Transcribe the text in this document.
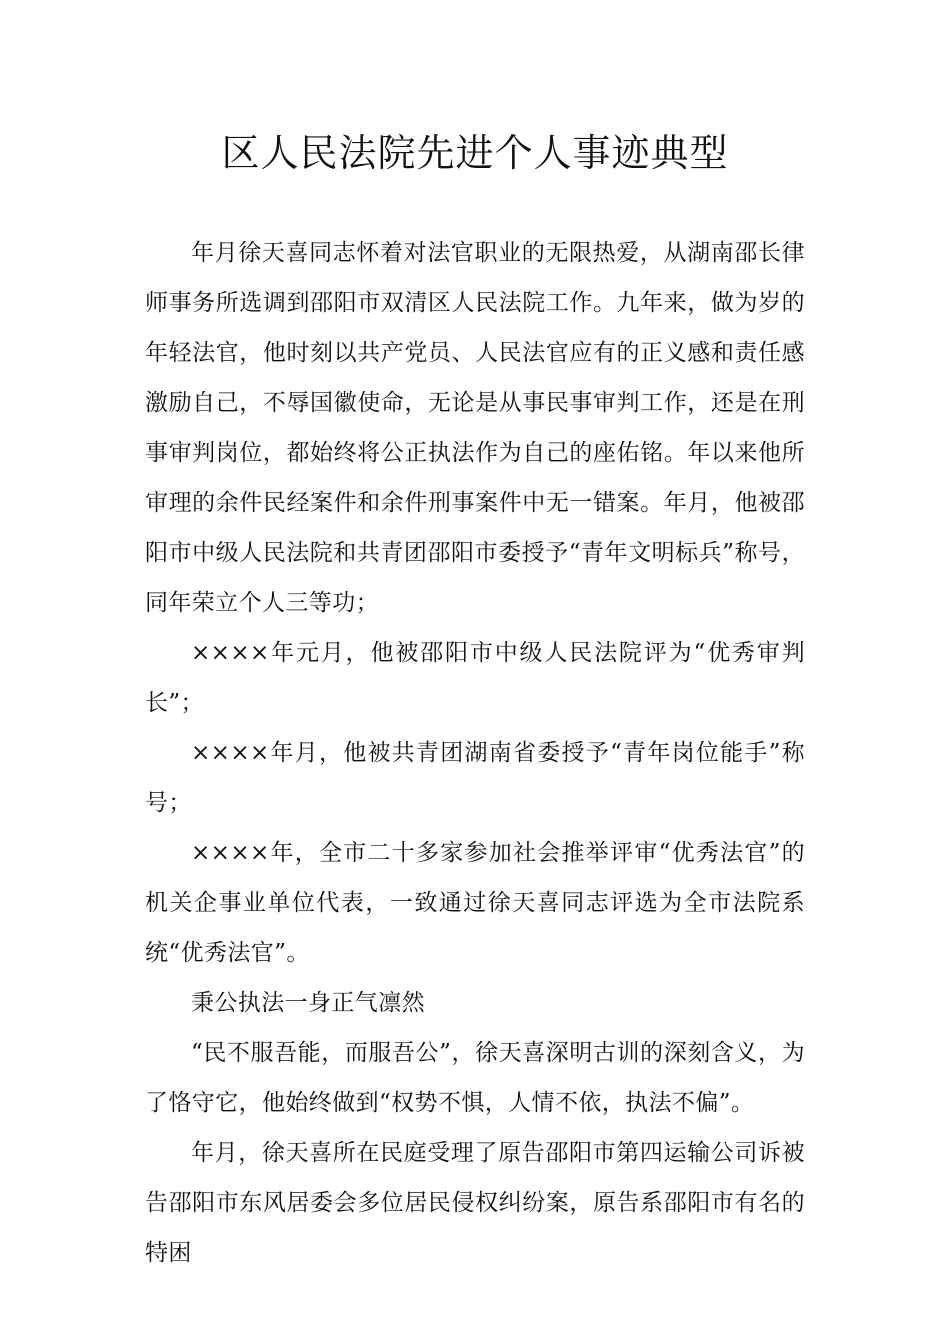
区人民法院先进个人事迹典型

年月徐天喜同志怀着对法官职业的无限热爱，从湖南邵长律师事务所选调到邵阳市双清区人民法院工作。九年来，做为岁的年轻法官，他时刻以共产党员、人民法官应有的正义感和责任感激励自己，不辱国徽使命，无论是从事民事审判工作，还是在刑事审判岗位，都始终将公正执法作为自己的座佑铭。年以来他所审理的余件民经案件和余件刑事案件中无一错案。年月，他被邵阳市中级人民法院和共青团邵阳市委授予“青年文明标兵”称号，同年荣立个人三等功；

××××年元月，他被邵阳市中级人民法院评为“优秀审判长”；

××××年月，他被共青团湖南省委授予“青年岗位能手”称号；

××××年，全市二十多家参加社会推举评审“优秀法官”的机关企事业单位代表，一致通过徐天喜同志评选为全市法院系统“优秀法官”。

秉公执法一身正气凛然

“民不服吾能，而服吾公”，徐天喜深明古训的深刻含义，为了恪守它，他始终做到“权势不惧，人情不依，执法不偏”。

年月，徐天喜所在民庭受理了原告邵阳市第四运输公司诉被告邵阳市东风居委会多位居民侵权纠纷案，原告系邵阳市有名的特困
